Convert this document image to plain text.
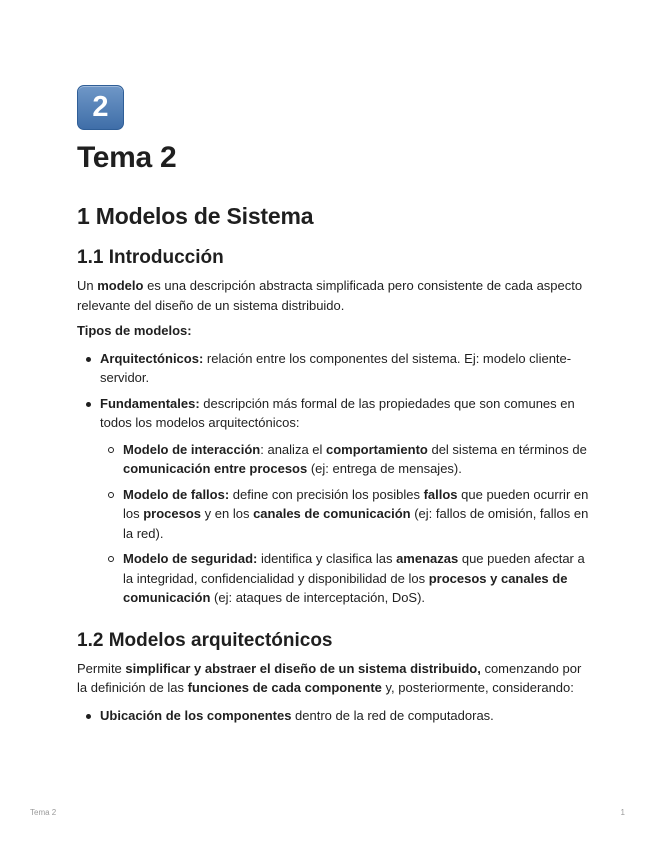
2
Tema 2
1 Modelos de Sistema
1.1 Introducción

Un modelo es una descripción abstracta simplificada pero consistente de cada aspecto relevante del diseño de un sistema distribuido.

Tipos de modelos:

Arquitectónicos: relación entre los componentes del sistema. Ej: modelo cliente-servidor.
Fundamentales: descripción más formal de las propiedades que son comunes en todos los modelos arquitectónicos:
Modelo de interacción: analiza el comportamiento del sistema en términos de comunicación entre procesos (ej: entrega de mensajes).
Modelo de fallos: define con precisión los posibles fallos que pueden ocurrir en los procesos y en los canales de comunicación (ej: fallos de omisión, fallos en la red).
Modelo de seguridad: identifica y clasifica las amenazas que pueden afectar a la integridad, confidencialidad y disponibilidad de los procesos y canales de comunicación (ej: ataques de interceptación, DoS).
1.2 Modelos arquitectónicos

Permite simplificar y abstraer el diseño de un sistema distribuido, comenzando por la definición de las funciones de cada componente y, posteriormente, considerando:

Ubicación de los componentes dentro de la red de computadoras.
Tema 2	1
